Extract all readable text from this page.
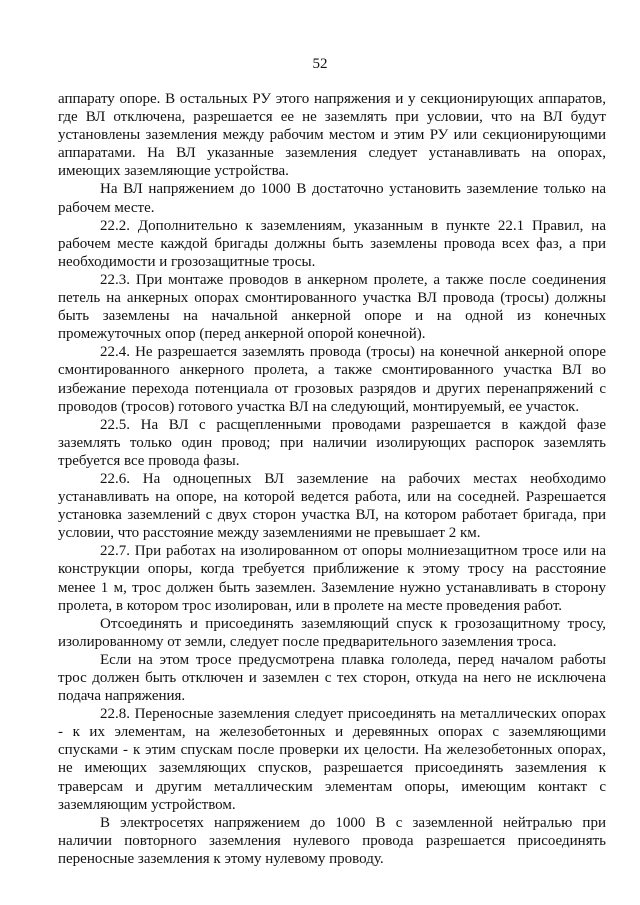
52

аппарату опоре. В остальных РУ этого напряжения и у секционирующих аппаратов, где ВЛ отключена, разрешается ее не заземлять при условии, что на ВЛ будут установлены заземления между рабочим местом и этим РУ или секционирующими аппаратами. На ВЛ указанные заземления следует устанавливать на опорах, имеющих заземляющие устройства.

На ВЛ напряжением до 1000 В достаточно установить заземление только на рабочем месте.

22.2. Дополнительно к заземлениям, указанным в пункте 22.1 Правил, на рабочем месте каждой бригады должны быть заземлены провода всех фаз, а при необходимости и грозозащитные тросы.

22.3. При монтаже проводов в анкерном пролете, а также после соединения петель на анкерных опорах смонтированного участка ВЛ провода (тросы) должны быть заземлены на начальной анкерной опоре и на одной из конечных промежуточных опор (перед анкерной опорой конечной).

22.4. Не разрешается заземлять провода (тросы) на конечной анкерной опоре смонтированного анкерного пролета, а также смонтированного участка ВЛ во избежание перехода потенциала от грозовых разрядов и других перенапряжений с проводов (тросов) готового участка ВЛ на следующий, монтируемый, ее участок.

22.5. На ВЛ с расщепленными проводами разрешается в каждой фазе заземлять только один провод; при наличии изолирующих распорок заземлять требуется все провода фазы.

22.6. На одноцепных ВЛ заземление на рабочих местах необходимо устанавливать на опоре, на которой ведется работа, или на соседней. Разрешается установка заземлений с двух сторон участка ВЛ, на котором работает бригада, при условии, что расстояние между заземлениями не превышает 2 км.

22.7. При работах на изолированном от опоры молниезащитном тросе или на конструкции опоры, когда требуется приближение к этому тросу на расстояние менее 1 м, трос должен быть заземлен. Заземление нужно устанавливать в сторону пролета, в котором трос изолирован, или в пролете на месте проведения работ.

Отсоединять и присоединять заземляющий спуск к грозозащитному тросу, изолированному от земли, следует после предварительного заземления троса.

Если на этом тросе предусмотрена плавка гололеда, перед началом работы трос должен быть отключен и заземлен с тех сторон, откуда на него не исключена подача напряжения.

22.8. Переносные заземления следует присоединять на металлических опорах - к их элементам, на железобетонных и деревянных опорах с заземляющими спусками - к этим спускам после проверки их целости. На железобетонных опорах, не имеющих заземляющих спусков, разрешается присоединять заземления к траверсам и другим металлическим элементам опоры, имеющим контакт с заземляющим устройством.

В электросетях напряжением до 1000 В с заземленной нейтралью при наличии повторного заземления нулевого провода разрешается присоединять переносные заземления к этому нулевому проводу.
